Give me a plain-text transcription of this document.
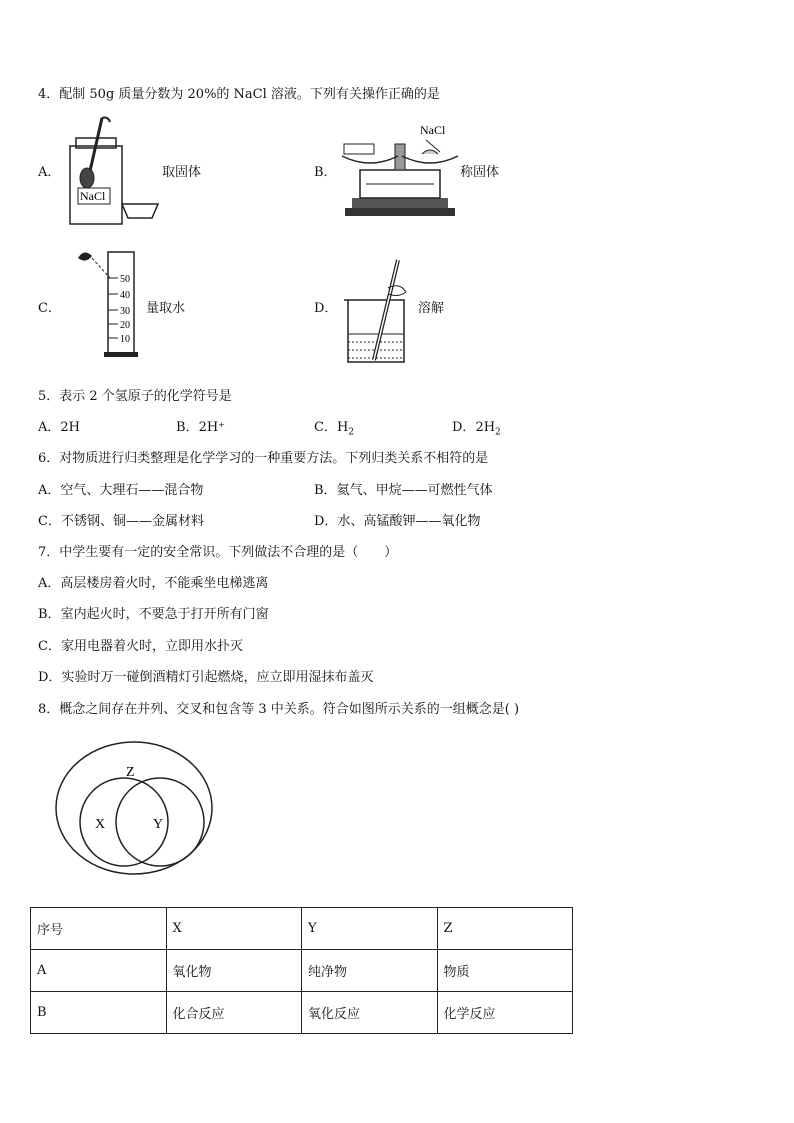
4．配制 50g 质量分数为 20%的 NaCl 溶液。下列有关操作正确的是
A．
NaCl
取固体	B．
NaCl
称固体
C．
50
40
30
20
10
量取水	D．	溶解
5．表示 2 个氢原子的化学符号是
A．2H	B．2H⁺	C．$H_2$	D．$2H_2$
6．对物质进行归类整理是化学学习的一种重要方法。下列归类关系不相符的是
A．空气、大理石——混合物	B．氦气、甲烷——可燃性气体
C．不锈钢、铜——金属材料	D．水、高锰酸钾——氧化物
7．中学生要有一定的安全常识。下列做法不合理的是（　　）
A．高层楼房着火时，不能乘坐电梯逃离
B．室内起火时，不要急于打开所有门窗
C．家用电器着火时，立即用水扑灭
D．实验时万一碰倒酒精灯引起燃烧，应立即用湿抹布盖灭
8．概念之间存在并列、交叉和包含等 3 中关系。符合如图所示关系的一组概念是( )
Z
X	Y
序号	X	Y	Z
A	氧化物	纯净物	物质
B	化合反应	氧化反应	化学反应
